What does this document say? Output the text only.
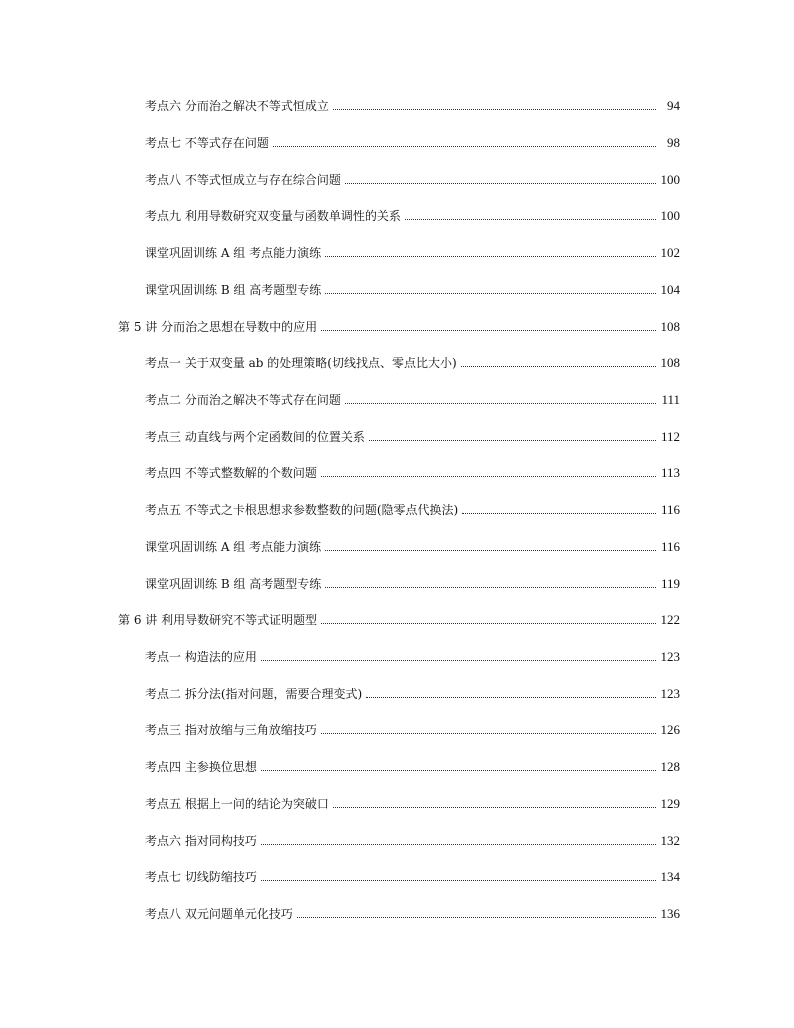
考点六 分而治之解决不等式恒成立	94
考点七 不等式存在问题	98
考点八 不等式恒成立与存在综合问题	100
考点九 利用导数研究双变量与函数单调性的关系	100
课堂巩固训练 A 组 考点能力演练	102
课堂巩固训练 B 组 高考题型专练	104
第 5 讲 分而治之思想在导数中的应用	108
考点一 关于双变量 ab 的处理策略(切线找点、零点比大小)	108
考点二 分而治之解决不等式存在问题	111
考点三 动直线与两个定函数间的位置关系	112
考点四 不等式整数解的个数问题	113
考点五 不等式之卡根思想求参数整数的问题(隐零点代换法)	116
课堂巩固训练 A 组 考点能力演练	116
课堂巩固训练 B 组 高考题型专练	119
第 6 讲 利用导数研究不等式证明题型	122
考点一 构造法的应用	123
考点二 拆分法(指对问题，需要合理变式)	123
考点三 指对放缩与三角放缩技巧	126
考点四 主参换位思想	128
考点五 根据上一问的结论为突破口	129
考点六 指对同构技巧	132
考点七 切线防缩技巧	134
考点八 双元问题单元化技巧	136
